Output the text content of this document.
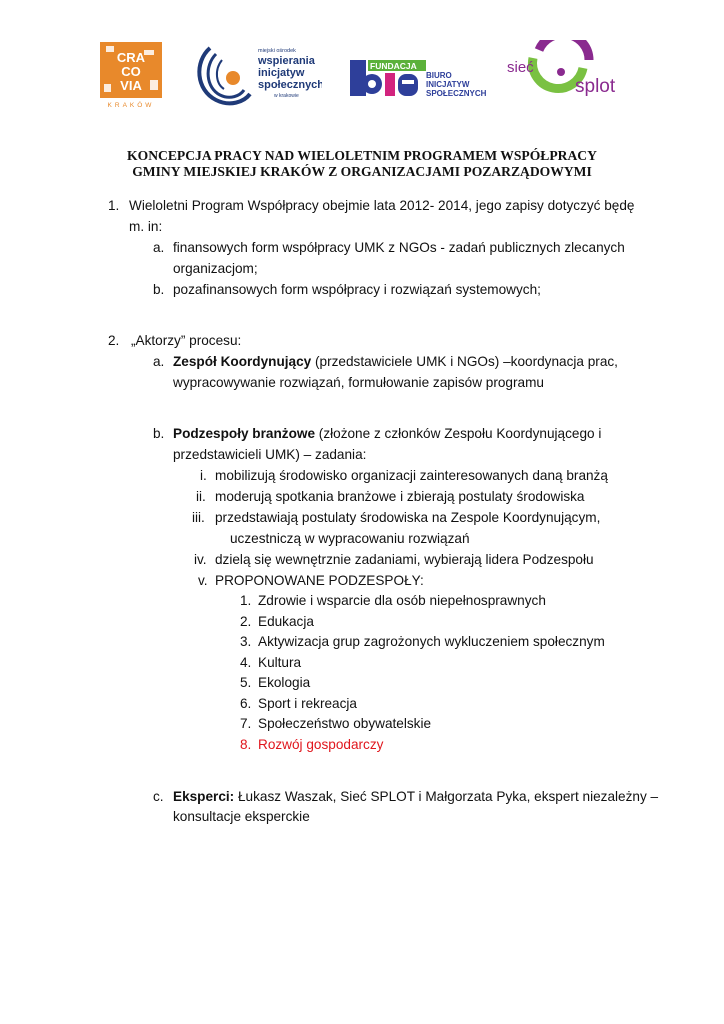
CRA
CO
VIA
KRAKÓW
miejski ośrodek
wspierania
inicjatyw
społecznych
w krakowie
FUNDACJA
BIURO
INICJATYW
SPOŁECZNYCH
sieć
splot
KONCEPCJA PRACY NAD WIELOLETNIM PROGRAMEM WSPÓŁPRACY
GMINY MIEJSKIEJ KRAKÓW Z ORGANIZACJAMI POZARZĄDOWYMI
1. Wieloletni Program Współpracy obejmie lata 2012- 2014, jego zapisy dotyczyć będę
m. in:
a. finansowych form współpracy UMK z NGOs - zadań publicznych zlecanych
organizacjom;
b. pozafinansowych form współpracy i rozwiązań systemowych;
2. „Aktorzy” procesu:
a. Zespół Koordynujący (przedstawiciele UMK i NGOs) –koordynacja prac,
wypracowywanie rozwiązań, formułowanie zapisów programu
b. Podzespoły branżowe (złożone z członków Zespołu Koordynującego i
przedstawicieli UMK) – zadania:
i. mobilizują środowisko organizacji zainteresowanych daną branżą
ii. moderują spotkania branżowe i zbierają postulaty środowiska
iii. przedstawiają postulaty środowiska na Zespole Koordynującym,
uczestniczą w wypracowaniu rozwiązań
iv. dzielą się wewnętrznie zadaniami, wybierają lidera Podzespołu
v. PROPONOWANE PODZESPOŁY:
1. Zdrowie i wsparcie dla osób niepełnosprawnych
2. Edukacja
3. Aktywizacja grup zagrożonych wykluczeniem społecznym
4. Kultura
5. Ekologia
6. Sport i rekreacja
7. Społeczeństwo obywatelskie
8. Rozwój gospodarczy
c. Eksperci: Łukasz Waszak, Sieć SPLOT i Małgorzata Pyka, ekspert niezależny –
konsultacje eksperckie
